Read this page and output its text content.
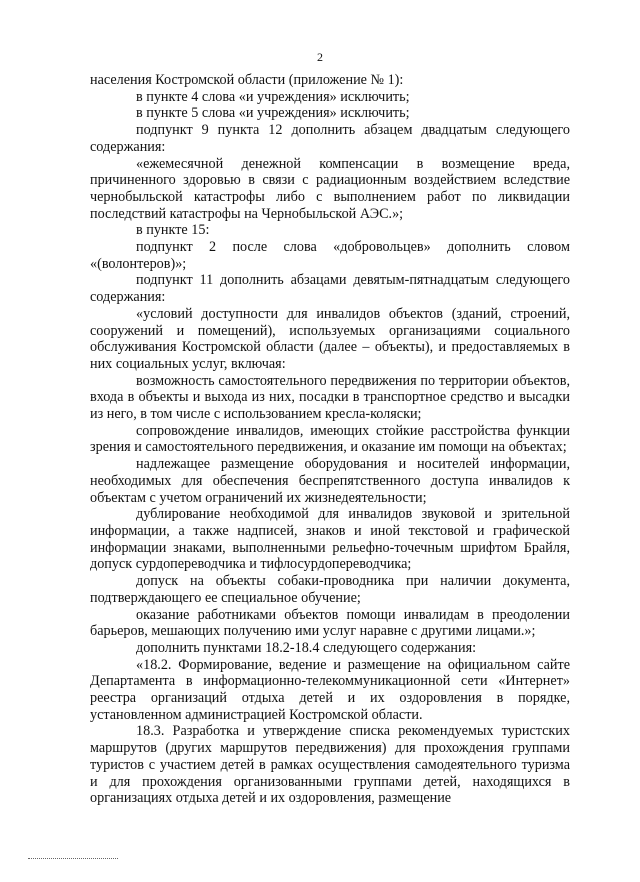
2

населения Костромской области (приложение № 1):

в пункте 4 слова «и учреждения» исключить;

в пункте 5 слова «и учреждения» исключить;

подпункт 9 пункта 12 дополнить абзацем двадцатым следующего содержания:

«ежемесячной денежной компенсации в возмещение вреда, причиненного здоровью в связи с радиационным воздействием вследствие чернобыльской катастрофы либо с выполнением работ по ликвидации последствий катастрофы на Чернобыльской АЭС.»;

в пункте 15:

подпункт 2 после слова «добровольцев» дополнить словом «(волонтеров)»;

подпункт 11 дополнить абзацами девятым-пятнадцатым следующего содержания:

«условий доступности для инвалидов объектов (зданий, строений, сооружений и помещений), используемых организациями социального обслуживания Костромской области (далее – объекты), и предоставляемых в них социальных услуг, включая:

возможность самостоятельного передвижения по территории объектов, входа в объекты и выхода из них, посадки в транспортное средство и высадки из него, в том числе с использованием кресла-коляски;

сопровождение инвалидов, имеющих стойкие расстройства функции зрения и самостоятельного передвижения, и оказание им помощи на объектах;

надлежащее размещение оборудования и носителей информации, необходимых для обеспечения беспрепятственного доступа инвалидов к объектам с учетом ограничений их жизнедеятельности;

дублирование необходимой для инвалидов звуковой и зрительной информации, а также надписей, знаков и иной текстовой и графической информации знаками, выполненными рельефно-точечным шрифтом Брайля, допуск сурдопереводчика и тифлосурдопереводчика;

допуск на объекты собаки-проводника при наличии документа, подтверждающего ее специальное обучение;

оказание работниками объектов помощи инвалидам в преодолении барьеров, мешающих получению ими услуг наравне с другими лицами.»;

дополнить пунктами 18.2-18.4 следующего содержания:

«18.2. Формирование, ведение и размещение на официальном сайте Департамента в информационно-телекоммуникационной сети «Интернет» реестра организаций отдыха детей и их оздоровления в порядке, установленном администрацией Костромской области.

18.3. Разработка и утверждение списка рекомендуемых туристских маршрутов (других маршрутов передвижения) для прохождения группами туристов с участием детей в рамках осуществления самодеятельного туризма и для прохождения организованными группами детей, находящихся в организациях отдыха детей и их оздоровления, размещение
